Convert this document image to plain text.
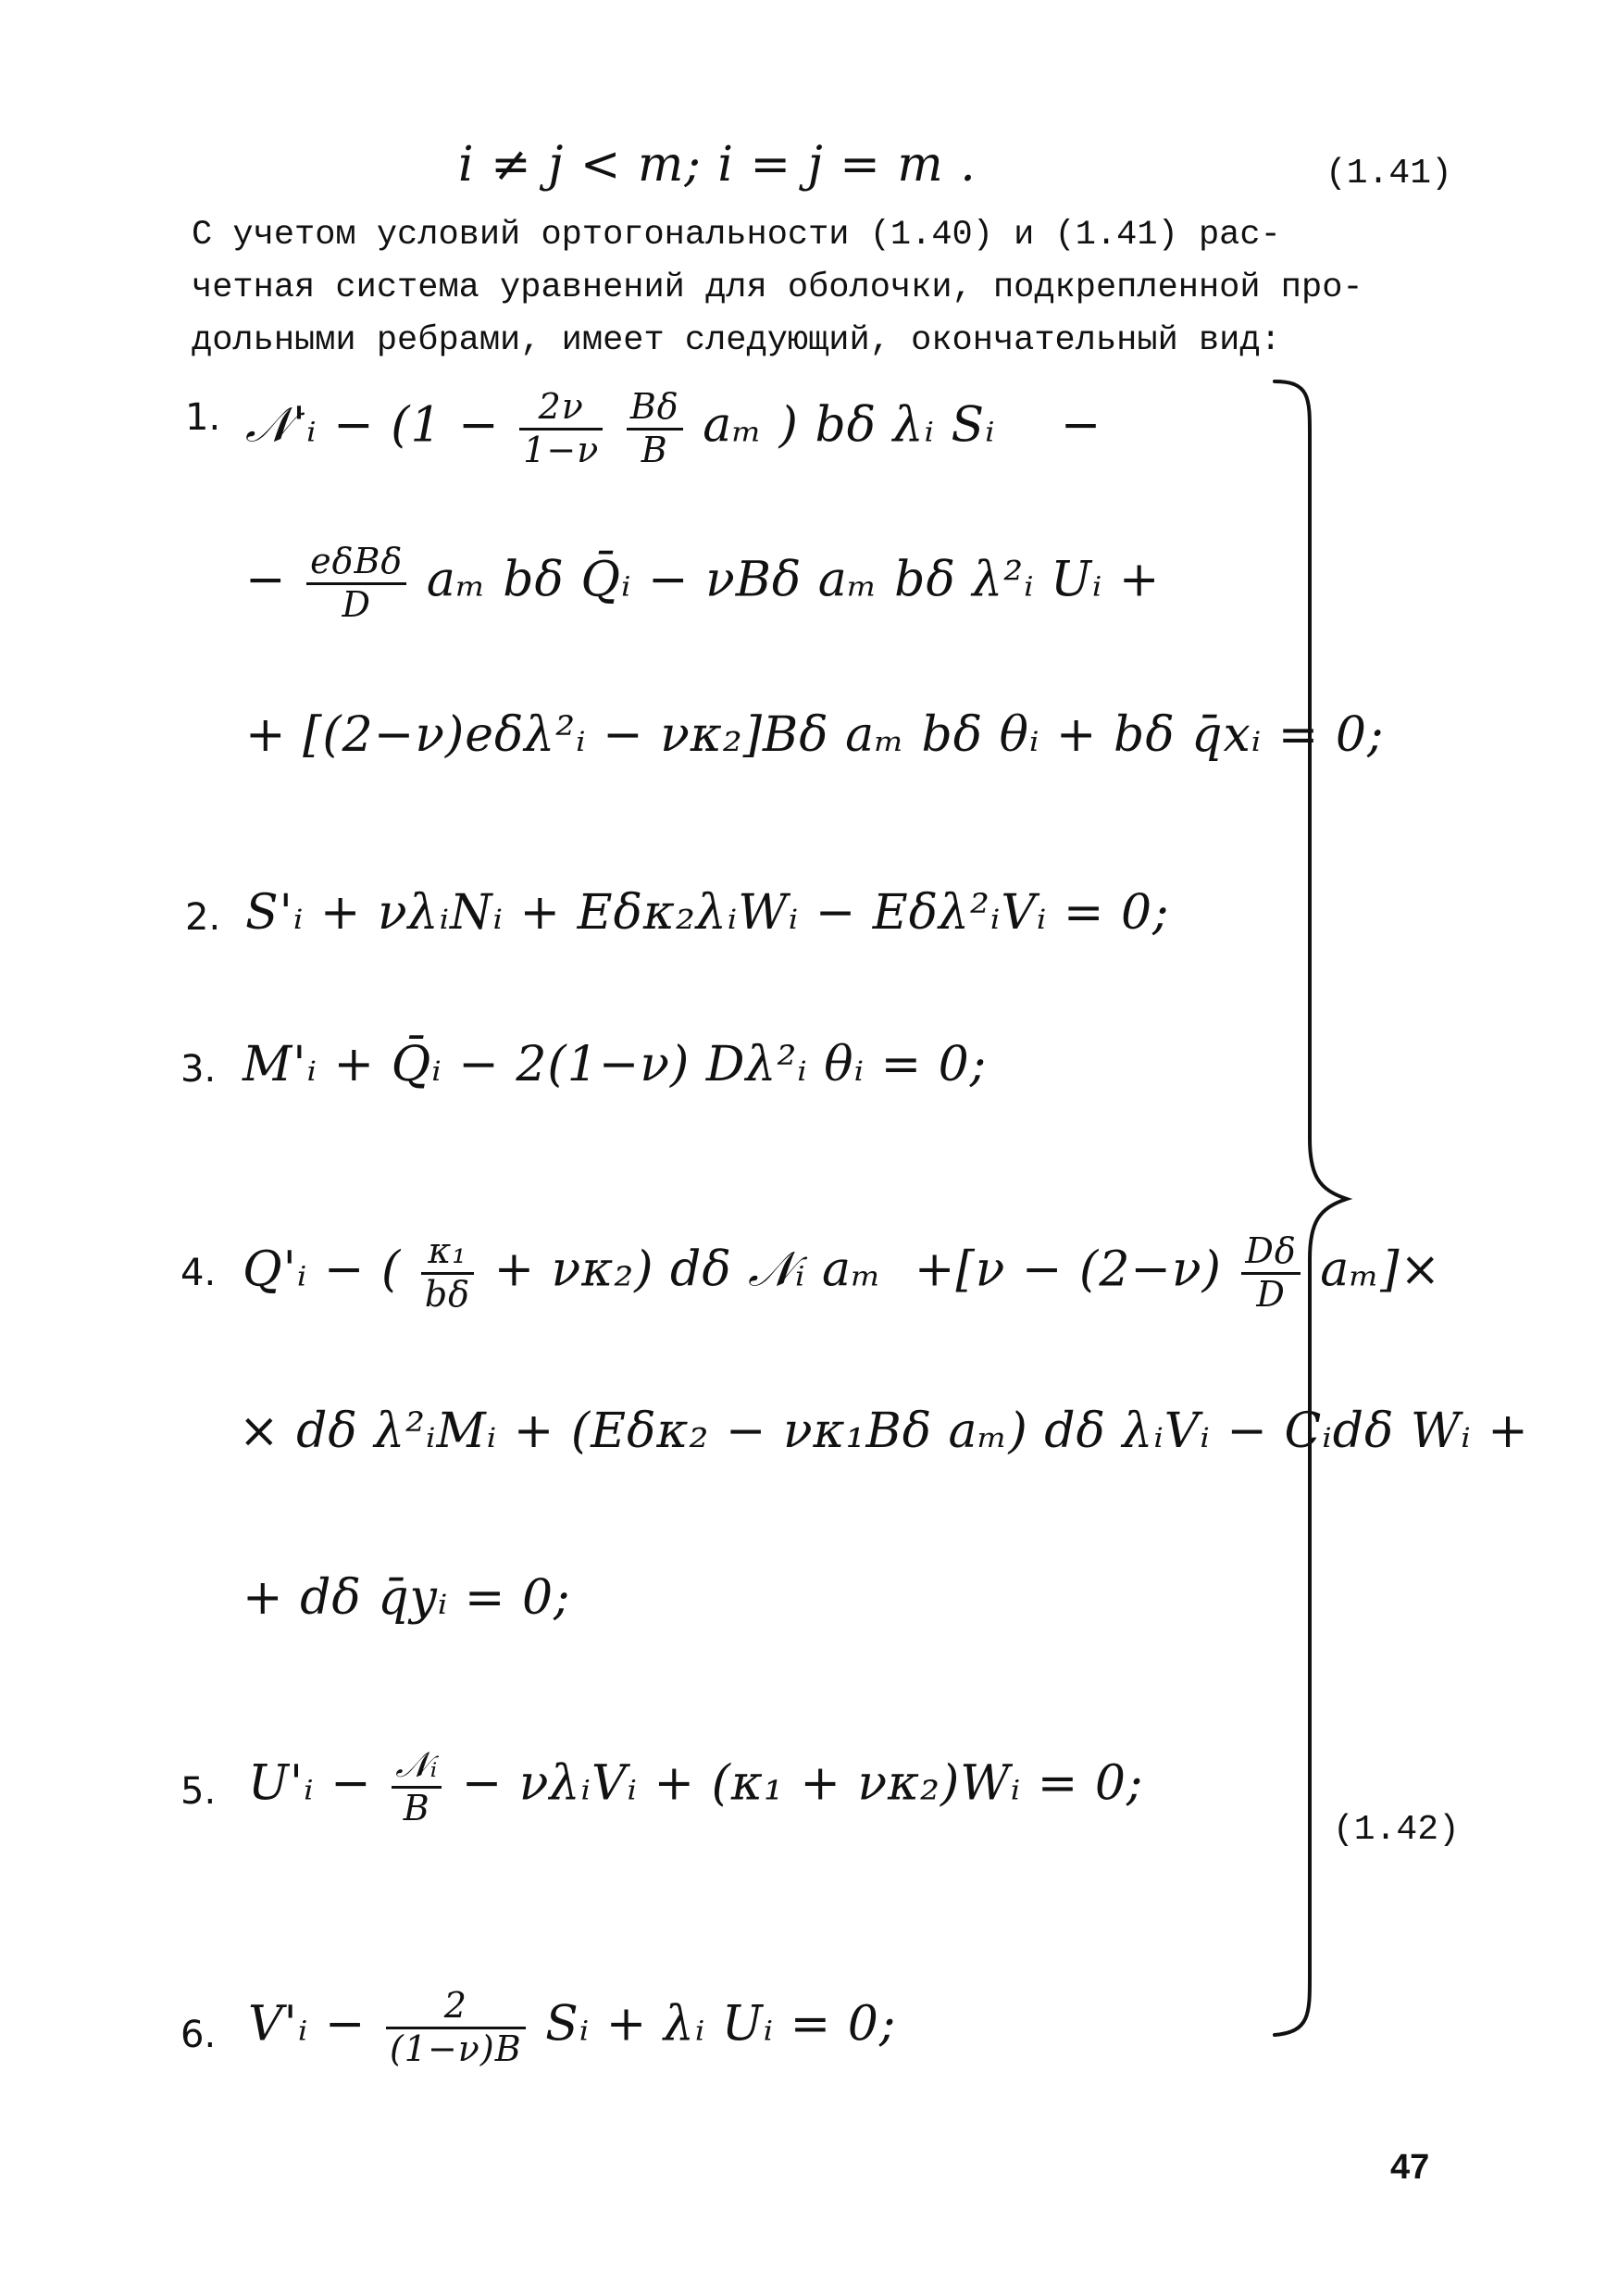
i ≠ j < m; i = j = m .	(1.41)
С учетом условий ортогональности (1.40) и (1.41) рас-
четная система уравнений для оболочки, подкрепленной про-
дольными ребрами, имеет следующий, окончательный вид:
1. 𝒩'ᵢ − ($1 - \frac{2\nu}{1-\nu}$
$\frac{B\delta}{B}$ aₘ ) bδ λᵢ Sᵢ    −
− $\frac{\text{eδBδ}}{D}$ aₘ bδ Q̄ᵢ − νBδ aₘ bδ λ²ᵢ Uᵢ +
+ [(2−ν)eδλ²ᵢ − νκ₂]Bδ aₘ bδ θᵢ + bδ q̄xᵢ = 0;
2. S'ᵢ + νλᵢNᵢ + Eδκ₂λᵢWᵢ − Eδλ²ᵢVᵢ = 0;
3. M'ᵢ + Q̄ᵢ − 2(1−ν) Dλ²ᵢ θᵢ = 0;
4. Q'ᵢ − ( $\frac{\text{κ₁}}{b\delta} + \nu\kappa_2$) dδ 𝒩ᵢ $a_m +[\nu - (2-\nu) \frac{D\delta}{D} a_m]\times$
× dδ λ²ᵢMᵢ + (Eδκ₂ − νκ₁Bδ aₘ) dδ λᵢVᵢ − Cᵢdδ Wᵢ +
+ dδ q̄yᵢ = 0;
5. U'ᵢ − $\frac{\text{𝒩ᵢ}}{B}$ − νλᵢVᵢ + (κ₁ + νκ₂)Wᵢ = 0;
6. V'ᵢ − $\frac{2}{(1-\nu)B}$ Sᵢ + λᵢ Uᵢ = 0;
(1.42)
47
